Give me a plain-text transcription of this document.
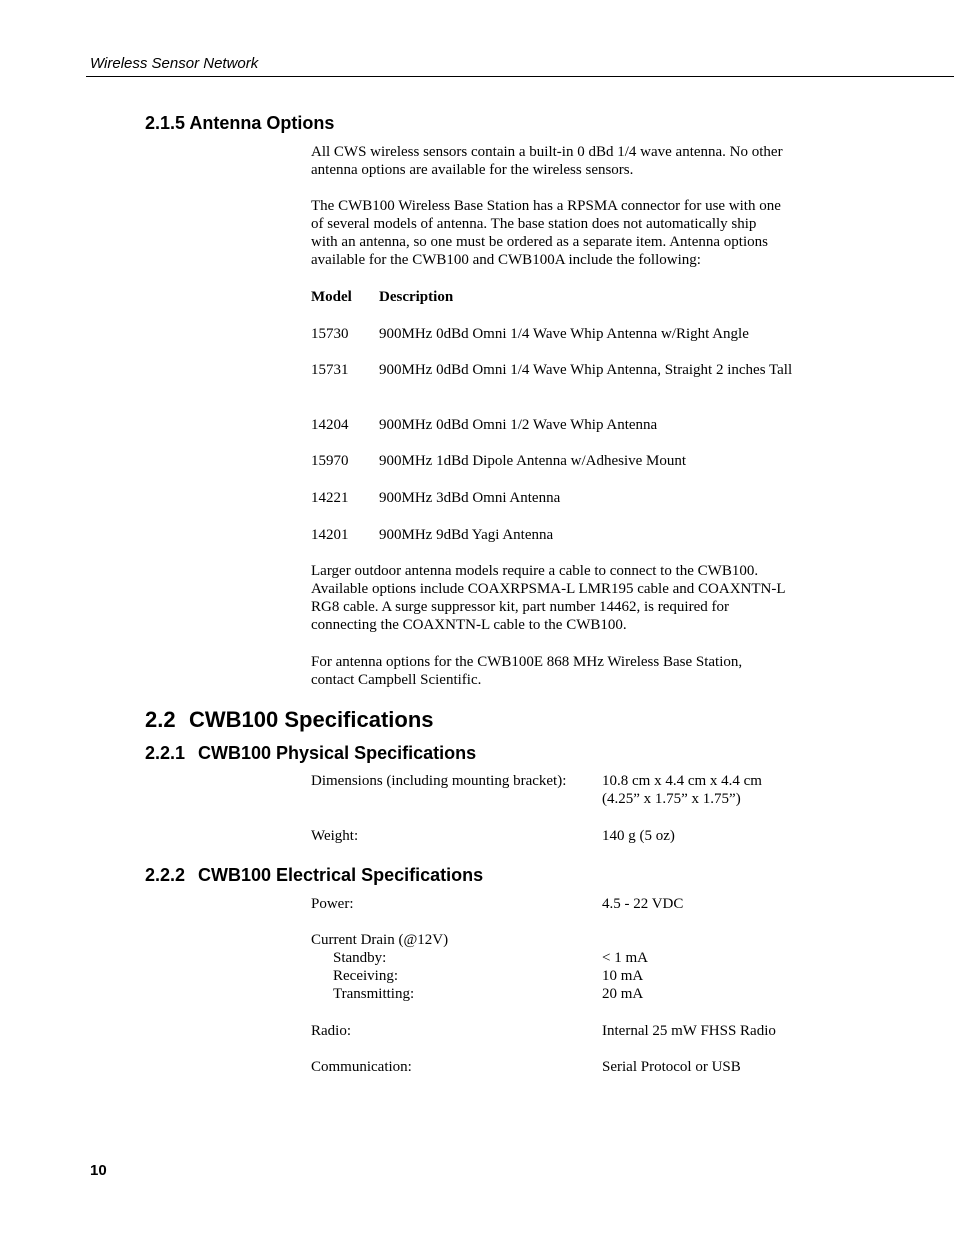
Wireless Sensor Network
2.1.5 Antenna Options
All CWS wireless sensors contain a built-in 0 dBd 1/4 wave antenna. No other
antenna options are available for the wireless sensors.
The CWB100 Wireless Base Station has a RPSMA connector for use with one
of several models of antenna. The base station does not automatically ship
with an antenna, so one must be ordered as a separate item. Antenna options
available for the CWB100 and CWB100A include the following:
Model Description
15730 900MHz 0dBd Omni 1/4 Wave Whip Antenna w/Right Angle
15731 900MHz 0dBd Omni 1/4 Wave Whip Antenna, Straight 2 inches Tall
14204 900MHz 0dBd Omni 1/2 Wave Whip Antenna
15970 900MHz 1dBd Dipole Antenna w/Adhesive Mount
14221 900MHz 3dBd Omni Antenna
14201 900MHz 9dBd Yagi Antenna
Larger outdoor antenna models require a cable to connect to the CWB100.
Available options include COAXRPSMA-L LMR195 cable and COAXNTN-L
RG8 cable. A surge suppressor kit, part number 14462, is required for
connecting the COAXNTN-L cable to the CWB100.
For antenna options for the CWB100E 868 MHz Wireless Base Station,
contact Campbell Scientific.
2.2 CWB100 Specifications
2.2.1 CWB100 Physical Specifications
Dimensions (including mounting bracket): 10.8 cm x 4.4 cm x 4.4 cm
(4.25” x 1.75” x 1.75”)
Weight:	140 g (5 oz)
2.2.2 CWB100 Electrical Specifications
Power:	4.5 - 22 VDC
Current Drain (@12V)
Standby:	< 1 mA
Receiving:	10 mA
Transmitting:	20 mA
Radio:	Internal 25 mW FHSS Radio
Communication:	Serial Protocol or USB
10
